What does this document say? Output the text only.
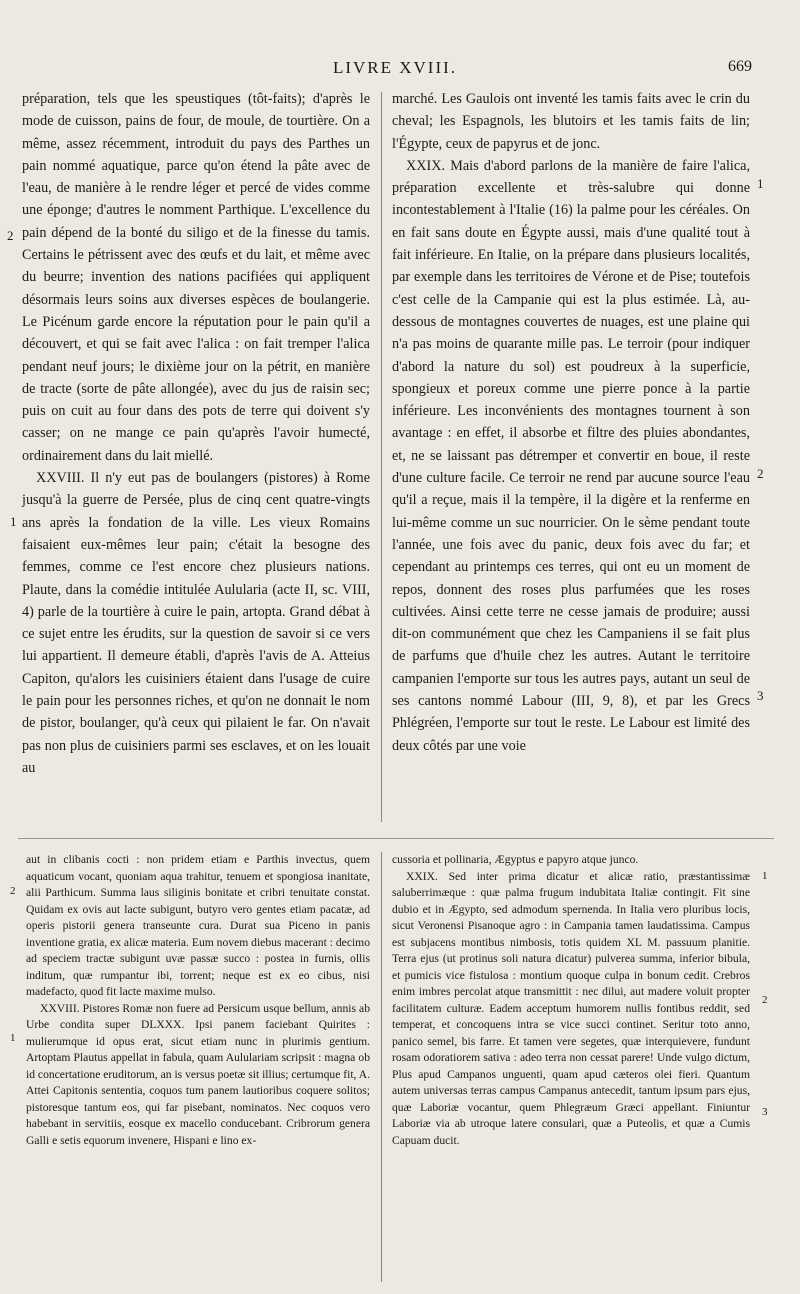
LIVRE XVIII.	669

préparation, tels que les speustiques (tôt-faits); d'après le mode de cuisson, pains de four, de moule, de tourtière. On a même, assez récemment, introduit du pays des Parthes un pain nommé aquatique, parce qu'on étend la pâte avec de l'eau, de manière à le rendre léger et percé de vides comme une éponge; d'autres le nomment Parthique. L'excellence du pain dépend de la bonté du siligo et de la finesse du tamis. Certains le pétrissent avec des œufs et du lait, et même avec du beurre; invention des nations pacifiées qui appliquent désormais leurs soins aux diverses espèces de boulangerie. Le Picénum garde encore la réputation pour le pain qu'il a découvert, et qui se fait avec l'alica : on fait tremper l'alica pendant neuf jours; le dixième jour on la pétrit, en manière de tracte (sorte de pâte allongée), avec du jus de raisin sec; puis on cuit au four dans des pots de terre qui doivent s'y casser; on ne mange ce pain qu'après l'avoir humecté, ordinairement dans du lait miellé.

XXVIII. Il n'y eut pas de boulangers (pistores) à Rome jusqu'à la guerre de Persée, plus de cinq cent quatre-vingts ans après la fondation de la ville. Les vieux Romains faisaient eux-mêmes leur pain; c'était la besogne des femmes, comme ce l'est encore chez plusieurs nations. Plaute, dans la comédie intitulée Aulularia (acte II, sc. VIII, 4) parle de la tourtière à cuire le pain, artopta. Grand débat à ce sujet entre les érudits, sur la question de savoir si ce vers lui appartient. Il demeure établi, d'après l'avis de A. Atteius Capiton, qu'alors les cuisiniers étaient dans l'usage de cuire le pain pour les personnes riches, et qu'on ne donnait le nom de pistor, boulanger, qu'à ceux qui pilaient le far. On n'avait pas non plus de cuisiniers parmi ses esclaves, et on les louait au

marché. Les Gaulois ont inventé les tamis faits avec le crin du cheval; les Espagnols, les blutoirs et les tamis faits de lin; l'Égypte, ceux de papyrus et de jonc.

XXIX. Mais d'abord parlons de la manière de faire l'alica, préparation excellente et très-salubre qui donne incontestablement à l'Italie (16) la palme pour les céréales. On en fait sans doute en Égypte aussi, mais d'une qualité tout à fait inférieure. En Italie, on la prépare dans plusieurs localités, par exemple dans les territoires de Vérone et de Pise; toutefois c'est celle de la Campanie qui est la plus estimée. Là, au-dessous de montagnes couvertes de nuages, est une plaine qui n'a pas moins de quarante mille pas. Le terroir (pour indiquer d'abord la nature du sol) est poudreux à la superficie, spongieux et poreux comme une pierre ponce à la partie inférieure. Les inconvénients des montagnes tournent à son avantage : en effet, il absorbe et filtre des pluies abondantes, et, ne se laissant pas détremper et convertir en boue, il reste d'une culture facile. Ce terroir ne rend par aucune source l'eau qu'il a reçue, mais il la tempère, il la digère et la renferme en lui-même comme un suc nourricier. On le sème pendant toute l'année, une fois avec du panic, deux fois avec du far; et cependant au printemps ces terres, qui ont eu un moment de repos, donnent des roses plus parfumées que les roses cultivées. Ainsi cette terre ne cesse jamais de produire; aussi dit-on communément que chez les Campaniens il se fait plus de parfums que d'huile chez les autres. Autant le territoire campanien l'emporte sur tous les autres pays, autant un seul de ses cantons nommé Labour (III, 9, 8), et par les Grecs Phlégréen, l'emporte sur tout le reste. Le Labour est limité des deux côtés par une voie

2
1
1
2
3

aut in clibanis cocti : non pridem etiam e Parthis invectus, quem aquaticum vocant, quoniam aqua trahitur, tenuem et spongiosa inanitate, alii Parthicum. Summa laus siliginis bonitate et cribri tenuitate constat. Quidam ex ovis aut lacte subigunt, butyro vero gentes etiam pacatæ, ad operis pistorii genera transeunte cura. Durat sua Piceno in panis inventione gratia, ex alicæ materia. Eum novem diebus macerant : decimo ad speciem tractæ subigunt uvæ passæ succo : postea in furnis, ollis inditum, quæ rumpantur ibi, torrent; neque est ex eo cibus, nisi madefacto, quod fit lacte maxime mulso.

XXVIII. Pistores Romæ non fuere ad Persicum usque bellum, annis ab Urbe condita super DLXXX. Ipsi panem faciebant Quirites : mulierumque id opus erat, sicut etiam nunc in plurimis gentium. Artoptam Plautus appellat in fabula, quam Aululariam scripsit : magna ob id concertatione eruditorum, an is versus poetæ sit illius; certumque fit, A. Attei Capitonis sententia, coquos tum panem lautioribus coquere solitos; pistoresque tantum eos, qui far pisebant, nominatos. Nec coquos vero habebant in servitiis, eosque ex macello conducebant. Cribrorum genera Galli e setis equorum invenere, Hispani e lino ex-

cussoria et pollinaria, Ægyptus e papyro atque junco.

XXIX. Sed inter prima dicatur et alicæ ratio, præstantissimæ saluberrimæque : quæ palma frugum indubitata Italiæ contingit. Fit sine dubio et in Ægypto, sed admodum spernenda. In Italia vero pluribus locis, sicut Veronensi Pisanoque agro : in Campania tamen laudatissima. Campus est subjacens montibus nimbosis, totis quidem XL M. passuum planitie. Terra ejus (ut protinus soli natura dicatur) pulverea summa, inferior bibula, et pumicis vice fistulosa : montium quoque culpa in bonum cedit. Crebros enim imbres percolat atque transmittit : nec dilui, aut madere voluit propter facilitatem culturæ. Eadem acceptum humorem nullis fontibus reddit, sed temperat, et concoquens intra se vice succi continet. Seritur toto anno, panico semel, bis farre. Et tamen vere segetes, quæ interquievere, fundunt rosam odoratiorem sativa : adeo terra non cessat parere! Unde vulgo dictum, Plus apud Campanos unguenti, quam apud cæteros olei fieri. Quantum autem universas terras campus Campanus antecedit, tantum ipsum pars ejus, quæ Laboriæ vocantur, quem Phlegræum Græci appellant. Finiuntur Laboriæ via ab utroque latere consulari, quæ a Puteolis, et quæ a Cumis Capuam ducit.

2
1
1
2
3
